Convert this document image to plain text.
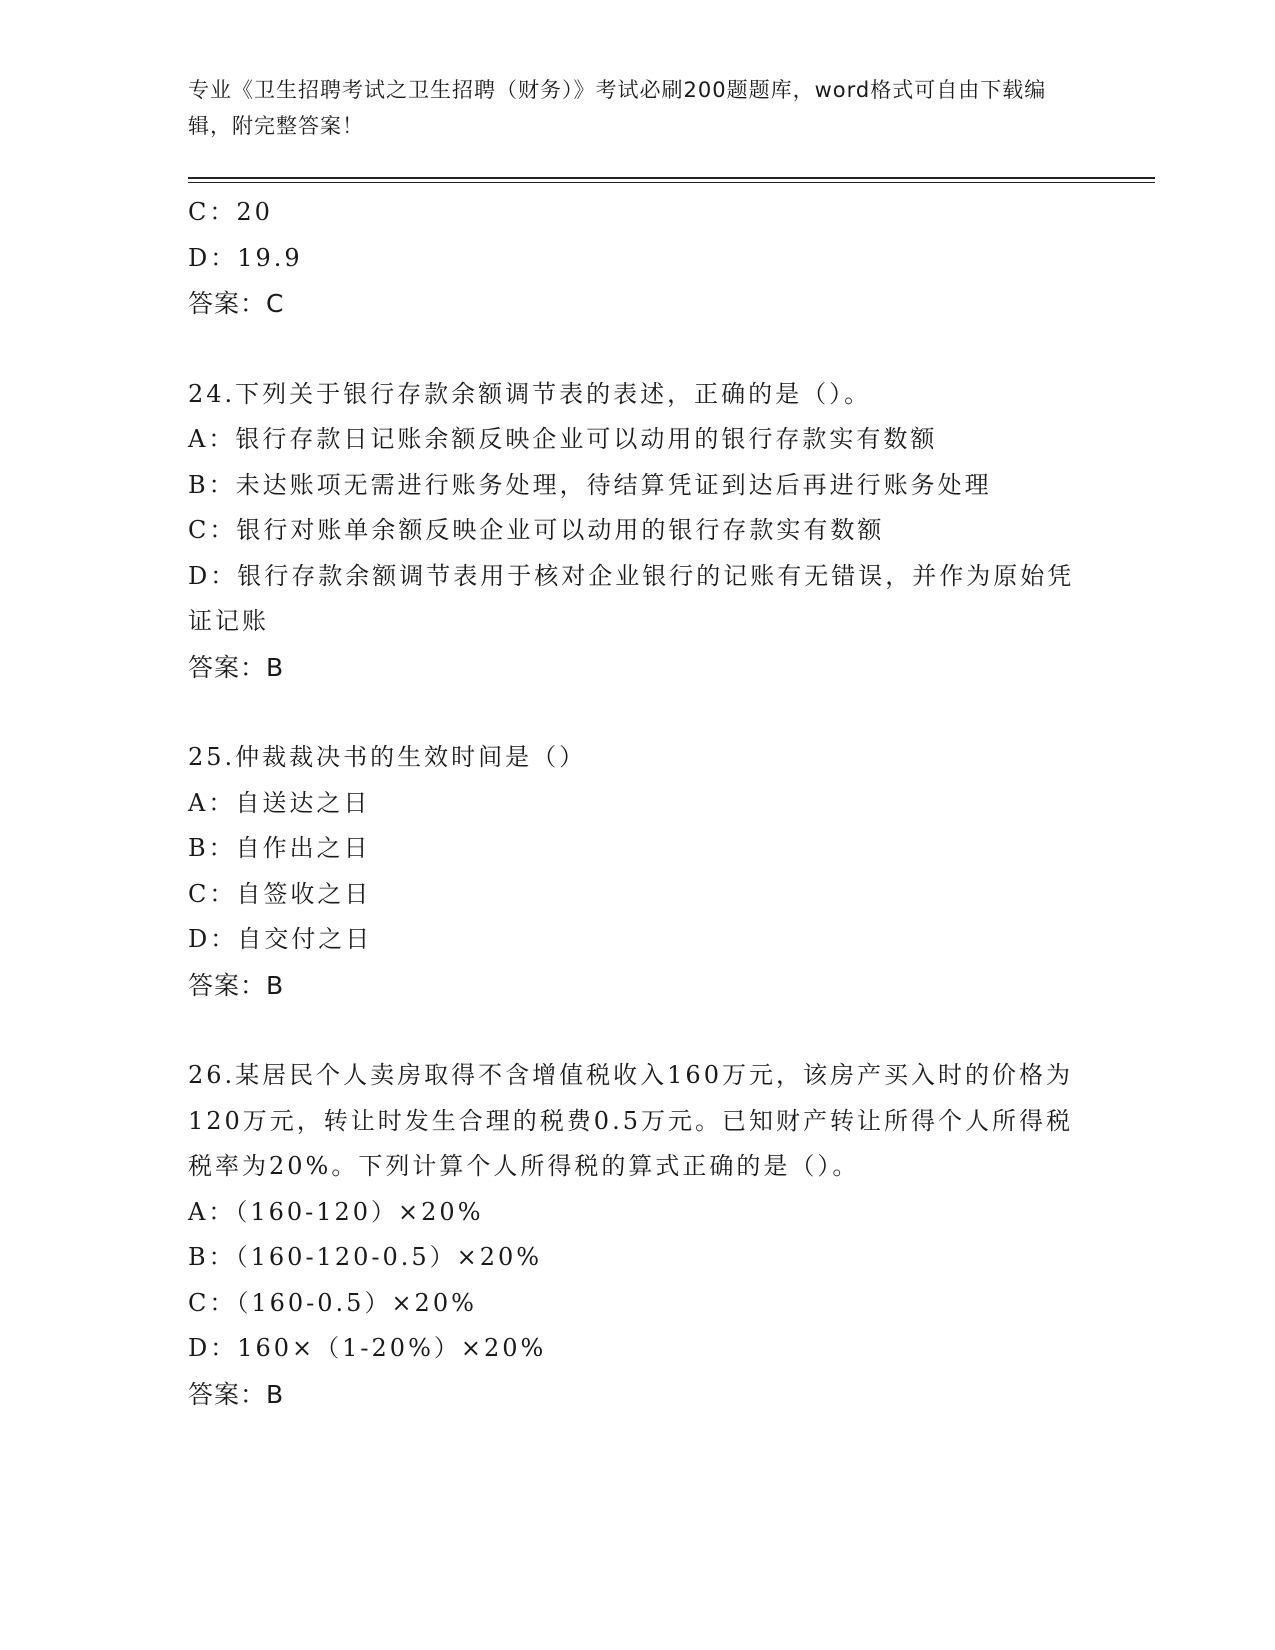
专业《卫生招聘考试之卫生招聘（财务）》考试必刷200题题库，word格式可自由下载编辑，附完整答案！
C：20
D：19.9
答案：C
24.下列关于银行存款余额调节表的表述，正确的是（）。
A：银行存款日记账余额反映企业可以动用的银行存款实有数额
B：未达账项无需进行账务处理，待结算凭证到达后再进行账务处理
C：银行对账单余额反映企业可以动用的银行存款实有数额
D：银行存款余额调节表用于核对企业银行的记账有无错误，并作为原始凭证记账
答案：B
25.仲裁裁决书的生效时间是（）
A：自送达之日
B：自作出之日
C：自签收之日
D：自交付之日
答案：B
26.某居民个人卖房取得不含增值税收入160万元，该房产买入时的价格为120万元，转让时发生合理的税费0.5万元。已知财产转让所得个人所得税税率为20%。下列计算个人所得税的算式正确的是（）。
A：（160-120）×20%
B：（160-120-0.5）×20%
C：（160-0.5）×20%
D：160×（1-20%）×20%
答案：B
